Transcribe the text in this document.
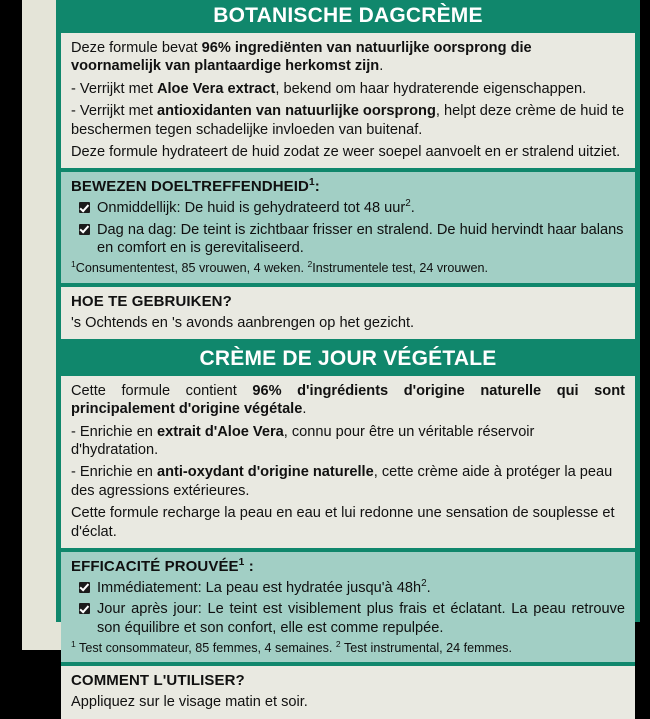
BOTANISCHE DAGCRÈME

Deze formule bevat 96% ingrediënten van natuurlijke oorsprong die voornamelijk van plantaardige herkomst zijn.

- Verrijkt met Aloe Vera extract, bekend om haar hydraterende eigenschappen.

- Verrijkt met antioxidanten van natuurlijke oorsprong, helpt deze crème de huid te beschermen tegen schadelijke invloeden van buitenaf.

Deze formule hydrateert de huid zodat ze weer soepel aanvoelt en er stralend uitziet.

BEWEZEN DOELTREFFENDHEID$^1$:

Onmiddellijk: De huid is gehydrateerd tot 48 uur$^2$.
Dag na dag: De teint is zichtbaar frisser en stralend. De huid hervindt haar balans en comfort en is gerevitaliseerd.

$^1$Consumententest, 85 vrouwen, 4 weken. $^2$Instrumentele test, 24 vrouwen.

HOE TE GEBRUIKEN?

's Ochtends en 's avonds aanbrengen op het gezicht.

CRÈME DE JOUR VÉGÉTALE

Cette formule contient 96% d'ingrédients d'origine naturelle qui sont principalement d'origine végétale.

- Enrichie en extrait d'Aloe Vera, connu pour être un véritable réservoir d'hydratation.

- Enrichie en anti-oxydant d'origine naturelle, cette crème aide à protéger la peau des agressions extérieures.

Cette formule recharge la peau en eau et lui redonne une sensation de souplesse et d'éclat.

EFFICACITÉ PROUVÉE$^1$ :

Immédiatement: La peau est hydratée jusqu'à $48h^2$.
Jour après jour: Le teint est visiblement plus frais et éclatant. La peau retrouve son équilibre et son confort, elle est comme repulpée.

$^1$ Test consommateur, 85 femmes, 4 semaines. $^2$ Test instrumental, 24 femmes.

COMMENT L'UTILISER?

Appliquez sur le visage matin et soir.
